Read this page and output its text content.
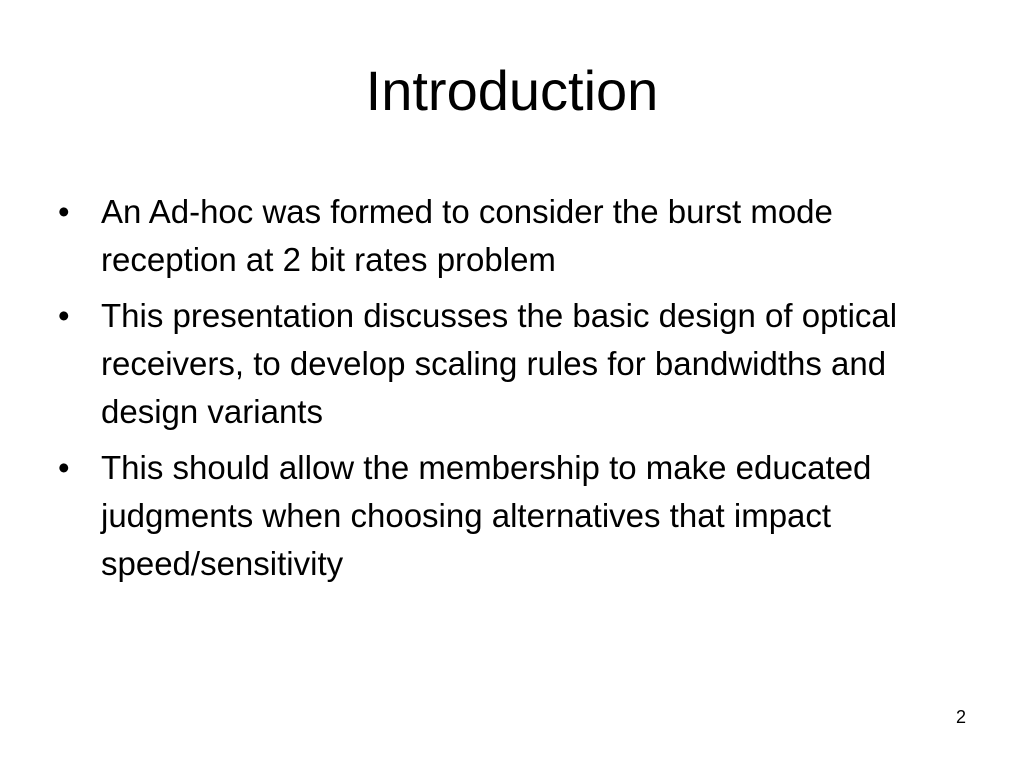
Introduction
• An Ad-hoc was formed to consider the burst mode reception at 2 bit rates problem
• This presentation discusses the basic design of optical receivers, to develop scaling rules for bandwidths and design variants
• This should allow the membership to make educated judgments when choosing alternatives that impact speed/sensitivity
2
